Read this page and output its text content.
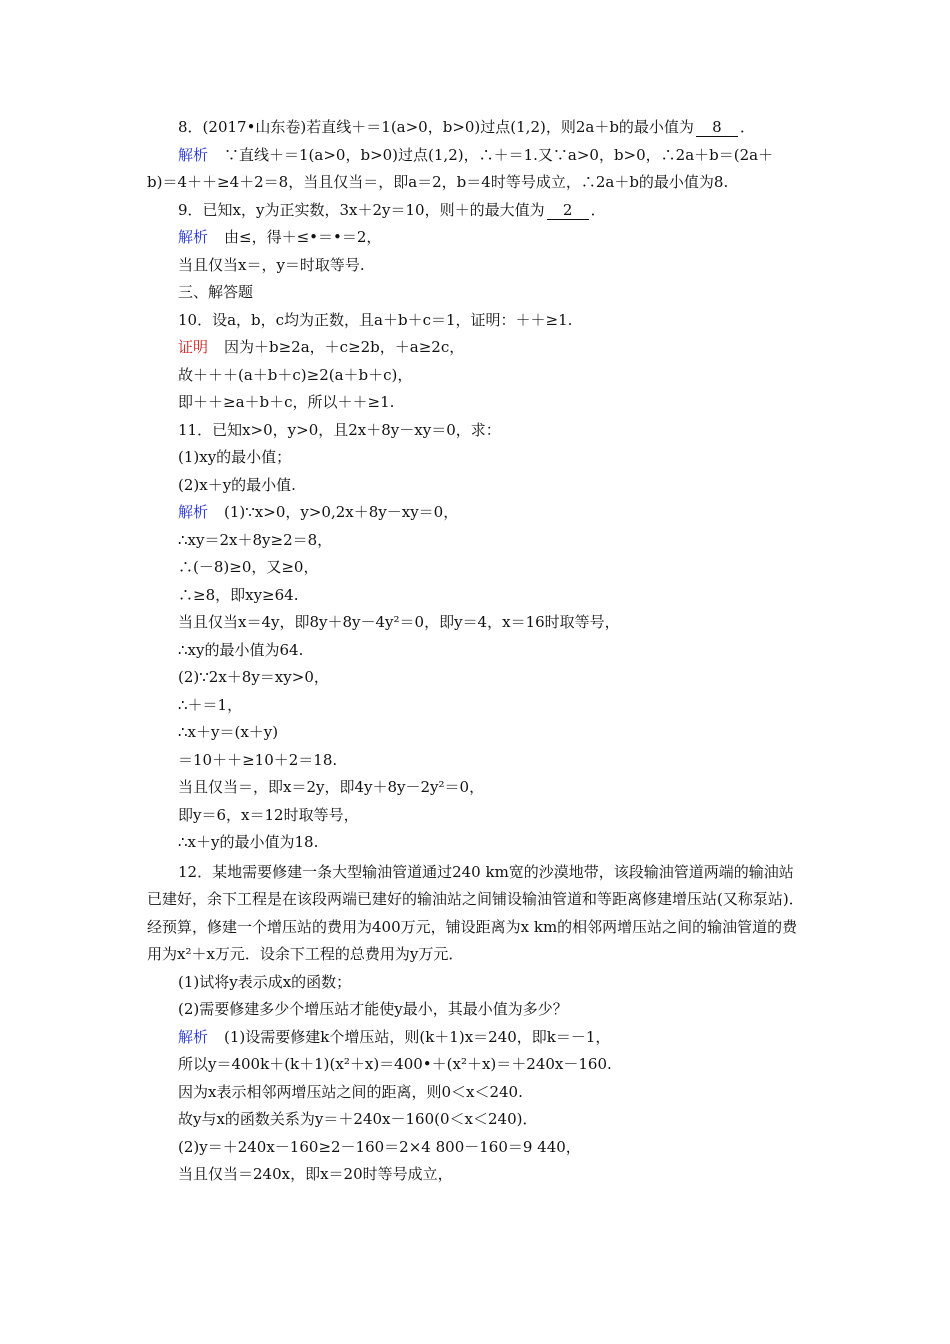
8．(2017•山东卷)若直线＋＝1(a>0，b>0)过点(1,2)，则2a＋b的最小值为 8 ．
解析 ∵直线＋＝1(a>0，b>0)过点(1,2)，∴＋＝1.又∵a>0，b>0，∴2a＋b＝(2a＋
b)＝4＋＋≥4＋2＝8，当且仅当＝，即a＝2，b＝4时等号成立，∴2a＋b的最小值为8.
9．已知x，y为正实数，3x＋2y＝10，则＋的最大值为 2 ．
解析 由≤，得＋≤•＝•＝2，
当且仅当x＝，y＝时取等号.
三、解答题
10．设a，b，c均为正数，且a＋b＋c＝1，证明：＋＋≥1.
证明 因为＋b≥2a，＋c≥2b，＋a≥2c，
故＋＋＋(a＋b＋c)≥2(a＋b＋c)，
即＋＋≥a＋b＋c，所以＋＋≥1.
11．已知x>0，y>0，且2x＋8y－xy＝0，求：
(1)xy的最小值；
(2)x＋y的最小值.
解析 (1)∵x>0，y>0,2x＋8y－xy＝0，
∴xy＝2x＋8y≥2＝8，
∴(－8)≥0，又≥0，
∴≥8，即xy≥64.
当且仅当x＝4y，即8y＋8y－4y²＝0，即y＝4，x＝16时取等号，
∴xy的最小值为64.
(2)∵2x＋8y＝xy>0，
∴＋＝1，
∴x＋y＝(x＋y)
＝10＋＋≥10＋2＝18.
当且仅当＝，即x＝2y，即4y＋8y－2y²＝0，
即y＝6，x＝12时取等号，
∴x＋y的最小值为18.
12．某地需要修建一条大型输油管道通过240 km宽的沙漠地带，该段输油管道两端的输油站已建好，余下工程是在该段两端已建好的输油站之间铺设输油管道和等距离修建增压站(又称泵站)．经预算，修建一个增压站的费用为400万元，铺设距离为x km的相邻两增压站之间的输油管道的费用为x²＋x万元．设余下工程的总费用为y万元．
(1)试将y表示成x的函数；
(2)需要修建多少个增压站才能使y最小，其最小值为多少？
解析 (1)设需要修建k个增压站，则(k＋1)x＝240，即k＝－1，
所以y＝400k＋(k＋1)(x²＋x)＝400•＋(x²＋x)＝＋240x－160.
因为x表示相邻两增压站之间的距离，则0＜x＜240.
故y与x的函数关系为y＝＋240x－160(0＜x＜240)．
(2)y＝＋240x－160≥2－160＝2×4 800－160＝9 440，
当且仅当＝240x，即x＝20时等号成立，
